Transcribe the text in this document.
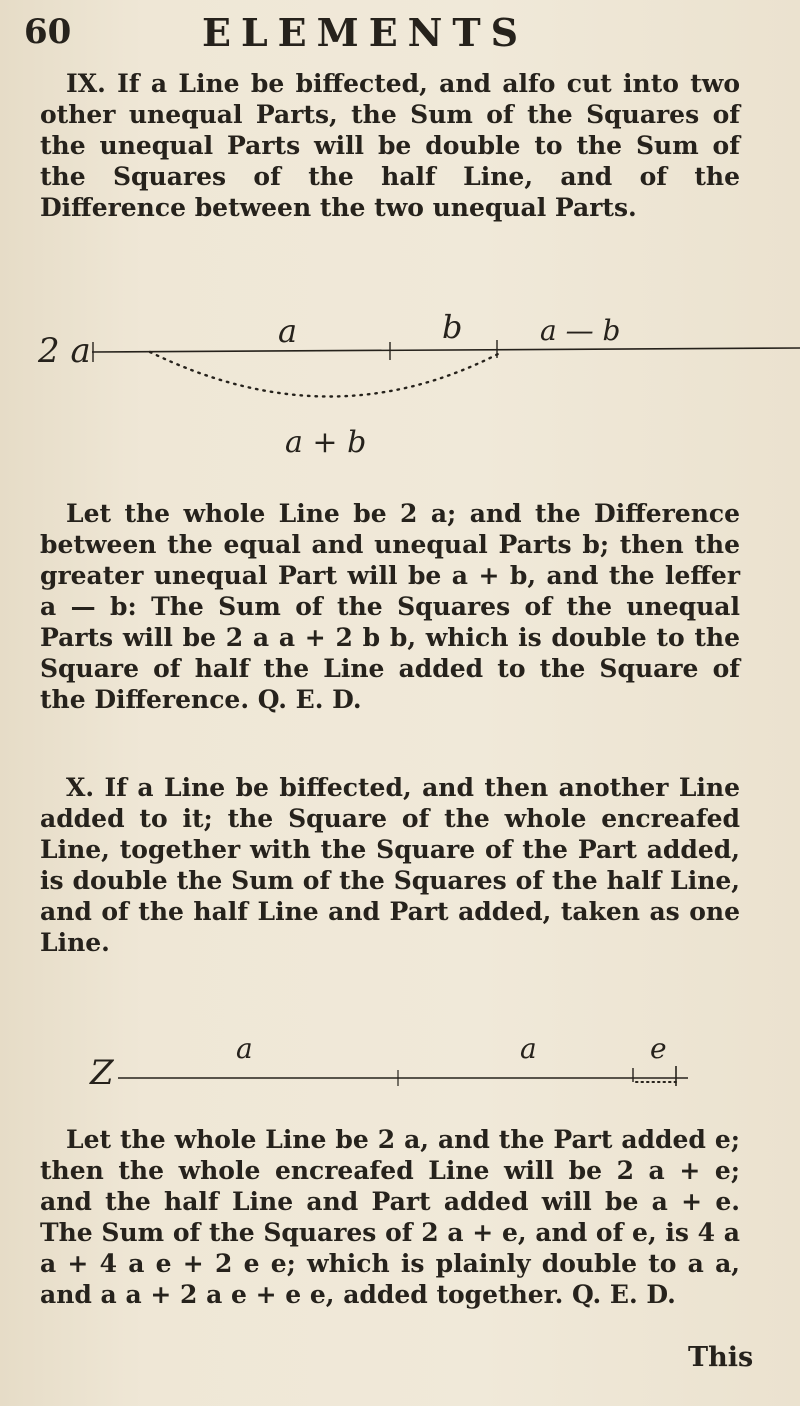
60	ELEMENTS

IX. If a Line be biffected, and alfo cut into two other unequal Parts, the Sum of the Squares of the unequal Parts will be double to the Sum of the Squares of the half Line, and of the Difference between the two unequal Parts.

2 a	a	b	a — b
a + b

Let the whole Line be 2 a; and the Difference between the equal and unequal Parts b; then the greater unequal Part will be a + b, and the leffer a — b: The Sum of the Squares of the unequal Parts will be 2 a a + 2 b b, which is double to the Square of half the Line added to the Square of the Difference. Q. E. D.

X. If a Line be biffected, and then another Line added to it; the Square of the whole encreafed Line, together with the Square of the Part added, is double the Sum of the Squares of the half Line, and of the half Line and Part added, taken as one Line.

Z
a	a	e

Let the whole Line be 2 a, and the Part added e; then the whole encreafed Line will be 2 a + e; and the half Line and Part added will be a + e. The Sum of the Squares of 2 a + e, and of e, is 4 a a + 4 a e + 2 e e; which is plainly double to a a, and a a + 2 a e + e e, added together. Q. E. D.

This
